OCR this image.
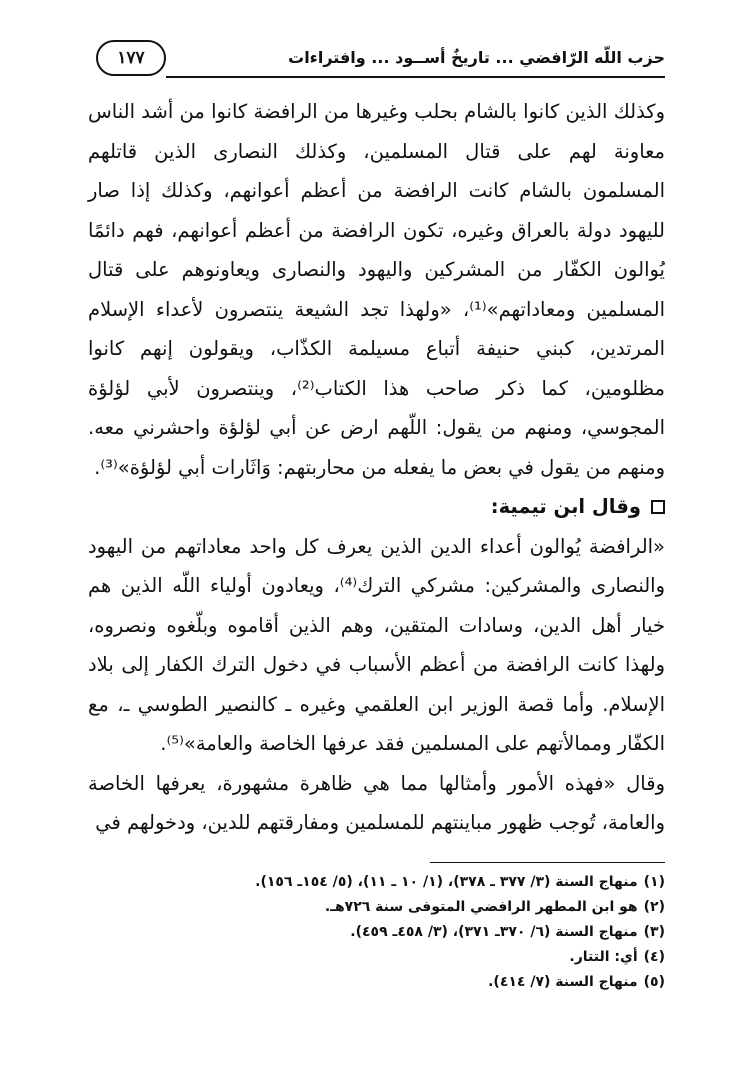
١٧٧	حزب اللّه الرّافضي ... تاريخٌ أســود ... وافتراءات

وكذلك الذين كانوا بالشام بحلب وغيرها من الرافضة كانوا من أشد الناس معاونة لهم على قتال المسلمين، وكذلك النصارى الذين قاتلهم المسلمون بالشام كانت الرافضة من أعظم أعوانهم، وكذلك إذا صار لليهود دولة بالعراق وغيره، تكون الرافضة من أعظم أعوانهم، فهم دائمًا يُوالون الكفّار من المشركين واليهود والنصارى ويعاونوهم على قتال المسلمين ومعاداتهم»⁽¹⁾، «ولهذا تجد الشيعة ينتصرون لأعداء الإسلام المرتدين، كبني حنيفة أتباع مسيلمة الكذّاب، ويقولون إنهم كانوا مظلومين، كما ذكر صاحب هذا الكتاب⁽²⁾، وينتصرون لأبي لؤلؤة المجوسي، ومنهم من يقول: اللّهم ارض عن أبي لؤلؤة واحشرني معه. ومنهم من يقول في بعض ما يفعله من محاربتهم: وَاثَارات أبي لؤلؤة»⁽³⁾.

وقال ابن تيمية:

«الرافضة يُوالون أعداء الدين الذين يعرف كل واحد معاداتهم من اليهود والنصارى والمشركين: مشركي الترك⁽⁴⁾، ويعادون أولياء اللّه الذين هم خيار أهل الدين، وسادات المتقين، وهم الذين أقاموه وبلّغوه ونصروه، ولهذا كانت الرافضة من أعظم الأسباب في دخول الترك الكفار إلى بلاد الإسلام. وأما قصة الوزير ابن العلقمي وغيره ـ كالنصير الطوسي ـ، مع الكفّار وممالأتهم على المسلمين فقد عرفها الخاصة والعامة»⁽⁵⁾.

وقال «فهذه الأمور وأمثالها مما هي ظاهرة مشهورة، يعرفها الخاصة والعامة، تُوجب ظهور مباينتهم للمسلمين ومفارقتهم للدين، ودخولهم في

(١)
منهاج السنة (٣/ ٣٧٧ ـ ٣٧٨)، (١/ ١٠ ـ ١١)، (٥/ ١٥٤ـ ١٥٦).
(٢)
هو ابن المطهر الرافضي المتوفى سنة ٧٢٦هـ.
(٣)
منهاج السنة (٦/ ٣٧٠ـ ٣٧١)، (٣/ ٤٥٨ـ ٤٥٩).
(٤)
أي: التتار.
(٥)
منهاج السنة (٧/ ٤١٤).
